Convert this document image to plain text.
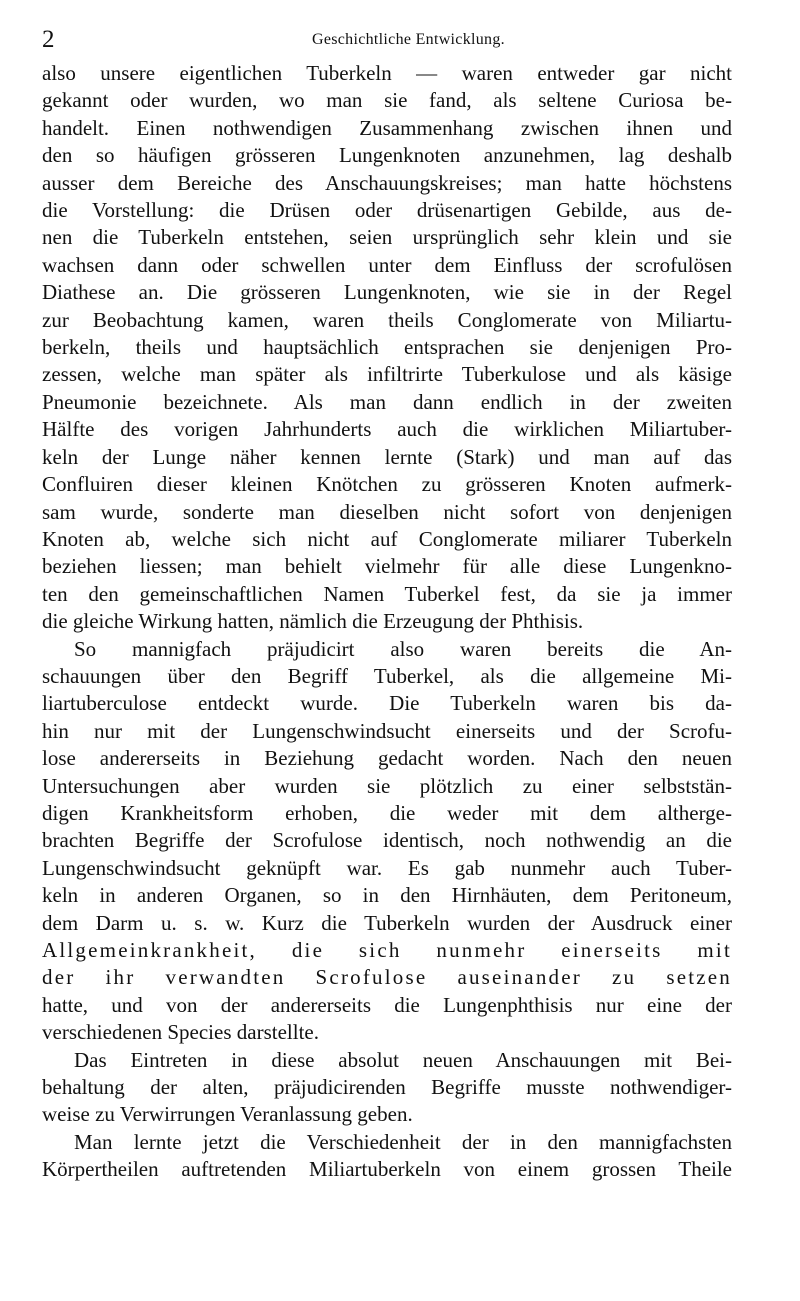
2	Geschichtliche Entwicklung.

also unsere eigentlichen Tuberkeln — waren entweder gar nicht

gekannt oder wurden, wo man sie fand, als seltene Curiosa be-

handelt. Einen nothwendigen Zusammenhang zwischen ihnen und

den so häufigen grösseren Lungenknoten anzunehmen, lag deshalb

ausser dem Bereiche des Anschauungskreises; man hatte höchstens

die Vorstellung: die Drüsen oder drüsenartigen Gebilde, aus de-

nen die Tuberkeln entstehen, seien ursprünglich sehr klein und sie

wachsen dann oder schwellen unter dem Einfluss der scrofulösen

Diathese an. Die grösseren Lungenknoten, wie sie in der Regel

zur Beobachtung kamen, waren theils Conglomerate von Miliartu-

berkeln, theils und hauptsächlich entsprachen sie denjenigen Pro-

zessen, welche man später als infiltrirte Tuberkulose und als käsige

Pneumonie bezeichnete. Als man dann endlich in der zweiten

Hälfte des vorigen Jahrhunderts auch die wirklichen Miliartuber-

keln der Lunge näher kennen lernte (Stark) und man auf das

Confluiren dieser kleinen Knötchen zu grösseren Knoten aufmerk-

sam wurde, sonderte man dieselben nicht sofort von denjenigen

Knoten ab, welche sich nicht auf Conglomerate miliarer Tuberkeln

beziehen liessen; man behielt vielmehr für alle diese Lungenkno-

ten den gemeinschaftlichen Namen Tuberkel fest, da sie ja immer

die gleiche Wirkung hatten, nämlich die Erzeugung der Phthisis.

So mannigfach präjudicirt also waren bereits die An-

schauungen über den Begriff Tuberkel, als die allgemeine Mi-

liartuberculose entdeckt wurde. Die Tuberkeln waren bis da-

hin nur mit der Lungenschwindsucht einerseits und der Scrofu-

lose andererseits in Beziehung gedacht worden. Nach den neuen

Untersuchungen aber wurden sie plötzlich zu einer selbststän-

digen Krankheitsform erhoben, die weder mit dem altherge-

brachten Begriffe der Scrofulose identisch, noch nothwendig an die

Lungenschwindsucht geknüpft war. Es gab nunmehr auch Tuber-

keln in anderen Organen, so in den Hirnhäuten, dem Peritoneum,

dem Darm u. s. w. Kurz die Tuberkeln wurden der Ausdruck einer

Allgemeinkrankheit, die sich nunmehr einerseits mit

der ihr verwandten Scrofulose auseinander zu setzen

hatte, und von der andererseits die Lungenphthisis nur eine der

verschiedenen Species darstellte.

Das Eintreten in diese absolut neuen Anschauungen mit Bei-

behaltung der alten, präjudicirenden Begriffe musste nothwendiger-

weise zu Verwirrungen Veranlassung geben.

Man lernte jetzt die Verschiedenheit der in den mannigfachsten

Körpertheilen auftretenden Miliartuberkeln von einem grossen Theile
